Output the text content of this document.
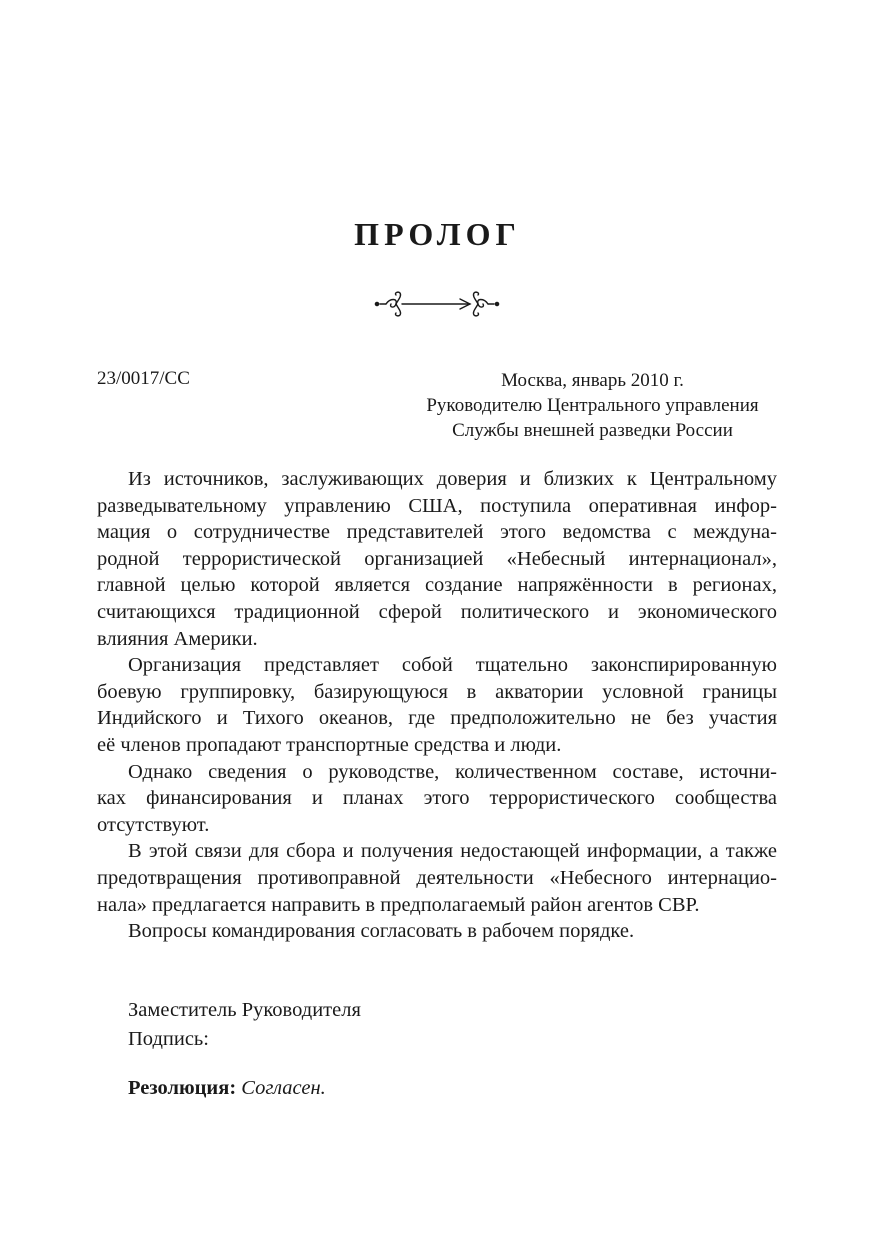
ПРОЛОГ
23/0017/СС	Москва, январь 2010 г.
Руководителю Центрального управления
Службы внешней разведки России
Из источников, заслуживающих доверия и близких к Центральному
разведывательному управлению США, поступила оперативная инфор-
мация о сотрудничестве представителей этого ведомства с междуна-
родной террористической организацией «Небесный интернационал»,
главной целью которой является создание напряжённости в регионах,
считающихся традиционной сферой политического и экономического
влияния Америки.
Организация представляет собой тщательно законспирированную
боевую группировку, базирующуюся в акватории условной границы
Индийского и Тихого океанов, где предположительно не без участия
её членов пропадают транспортные средства и люди.
Однако сведения о руководстве, количественном составе, источни-
ках финансирования и планах этого террористического сообщества
отсутствуют.
В этой связи для сбора и получения недостающей информации, а также
предотвращения противоправной деятельности «Небесного интернацио-
нала» предлагается направить в предполагаемый район агентов СВР.
Вопросы командирования согласовать в рабочем порядке.
Заместитель Руководителя
Подпись:
Резолюция: Согласен.
